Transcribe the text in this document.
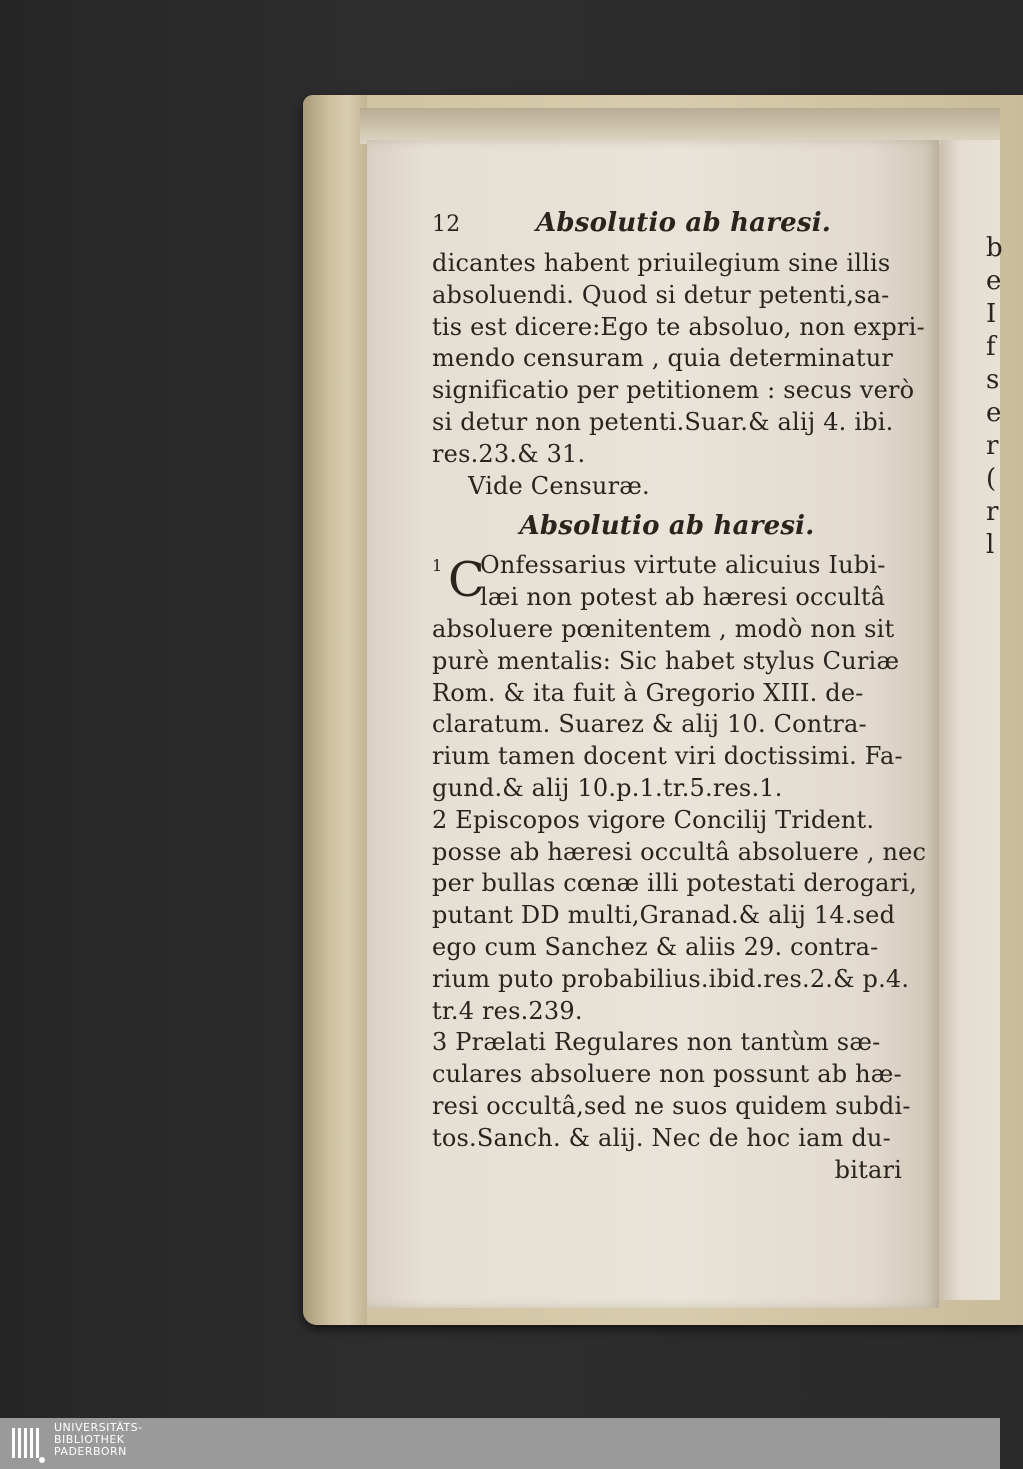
b
e
I
f
s
e
r
(
r
l
12	Absolutio ab haresi.
dicantes habent priuilegium sine illis
absoluendi. Quod si detur petenti,sa-
tis est dicere:Ego te absoluo, non expri-
mendo censuram , quia determinatur
significatio per petitionem : secus verò
si detur non petenti.Suar.& alij 4. ibi.
res.23.& 31.
Vide Censuræ.
Absolutio ab haresi.
1 C
Onfessarius virtute alicuius Iubi-
læi non potest ab hæresi occultâ
absoluere pœnitentem , modò non sit
purè mentalis: Sic habet stylus Curiæ
Rom. & ita fuit à Gregorio XIII. de-
claratum. Suarez & alij 10. Contra-
rium tamen docent viri doctissimi. Fa-
gund.& alij 10.p.1.tr.5.res.1.
2 Episcopos vigore Concilij Trident.
posse ab hæresi occultâ absoluere , nec
per bullas cœnæ illi potestati derogari,
putant DD multi,Granad.& alij 14.sed
ego cum Sanchez & aliis 29. contra-
rium puto probabilius.ibid.res.2.& p.4.
tr.4 res.239.
3 Prælati Regulares non tantùm sæ-
culares absoluere non possunt ab hæ-
resi occultâ,sed ne suos quidem subdi-
tos.Sanch. & alij. Nec de hoc iam du-
bitari
UNIVERSITÄTS-
BIBLIOTHEK
PADERBORN
